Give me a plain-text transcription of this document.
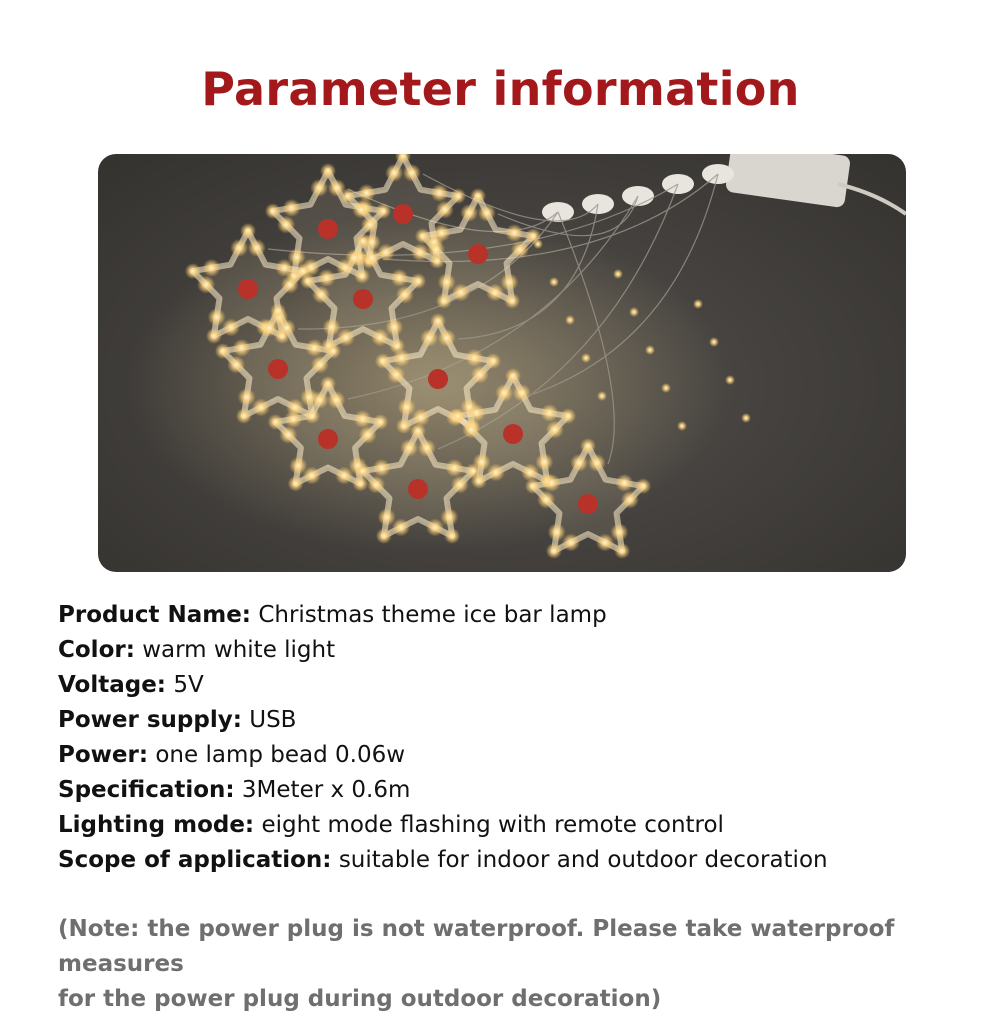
Parameter information
Product Name: Christmas theme ice bar lamp
Color: warm white light
Voltage: 5V
Power supply: USB
Power: one lamp bead 0.06w
Specification: 3Meter x 0.6m
Lighting mode: eight mode flashing with remote control
Scope of application: suitable for indoor and outdoor decoration
(Note: the power plug is not waterproof. Please take waterproof measures
for the power plug during outdoor decoration)
